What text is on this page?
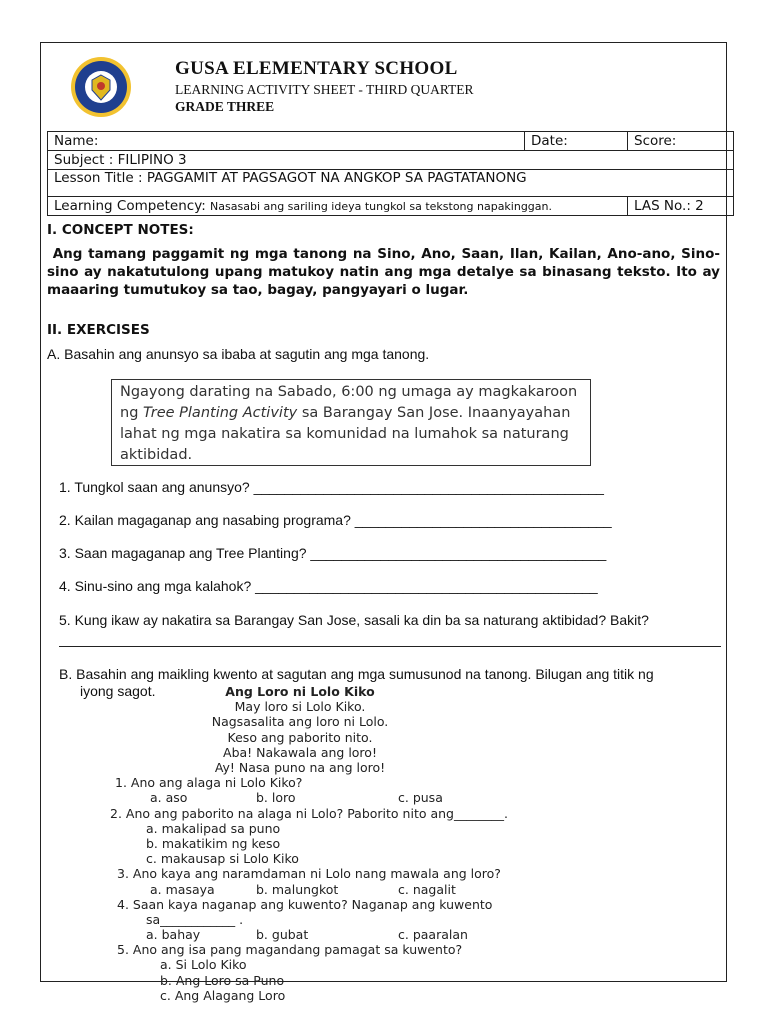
GUSA ELEMENTARY SCHOOL
LEARNING ACTIVITY SHEET - THIRD QUARTER
GRADE THREE
Name:	Date:	Score:
Subject : FILIPINO 3		
Lesson Title : PAGGAMIT AT PAGSAGOT NA ANGKOP SA PAGTATANONG		
Learning Competency: Nasasabi ang sariling ideya tungkol sa tekstong napakinggan.		LAS No.: 2
I. CONCEPT NOTES:
Ang tamang paggamit ng mga tanong na Sino, Ano, Saan, Ilan, Kailan, Ano-ano, Sino-sino ay nakatutulong upang matukoy natin ang mga detalye sa binasang teksto. Ito ay maaaring tumutukoy sa tao, bagay, pangyayari o lugar.
II. EXERCISES
A. Basahin ang anunsyo sa ibaba at sagutin ang mga tanong.
Ngayong darating na Sabado, 6:00 ng umaga ay magkakaroon ng Tree Planting Activity sa Barangay San Jose. Inaanyayahan lahat ng mga nakatira sa komunidad na lumahok sa naturang aktibidad.
1. Tungkol saan ang anunsyo? _____________________________________________
2. Kailan magaganap ang nasabing programa? _________________________________
3. Saan magaganap ang Tree Planting? ______________________________________
4. Sinu-sino ang mga kalahok? ____________________________________________
5. Kung ikaw ay nakatira sa Barangay San Jose, sasali ka din ba sa naturang aktibidad? Bakit?
B. Basahin ang maikling kwento at sagutan ang mga sumusunod na tanong. Bilugan ang titik ng
iyong sagot.	Ang Loro ni Lolo Kiko
May loro si Lolo Kiko.
Nagsasalita ang loro ni Lolo.
Keso ang paborito nito.
Aba! Nakawala ang loro!
Ay! Nasa puno na ang loro!
1. Ano ang alaga ni Lolo Kiko?
a. aso	b. loro	c. pusa
2. Ano ang paborito na alaga ni Lolo? Paborito nito ang________.
a. makalipad sa puno
b. makatikim ng keso
c. makausap si Lolo Kiko
3. Ano kaya ang naramdaman ni Lolo nang mawala ang loro?
a. masaya	b. malungkot	c. nagalit
4. Saan kaya naganap ang kuwento? Naganap ang kuwento
sa____________ .
a. bahay	b. gubat	c. paaralan
5. Ano ang isa pang magandang pamagat sa kuwento?
a. Si Lolo Kiko
b. Ang Loro sa Puno
c. Ang Alagang Loro
